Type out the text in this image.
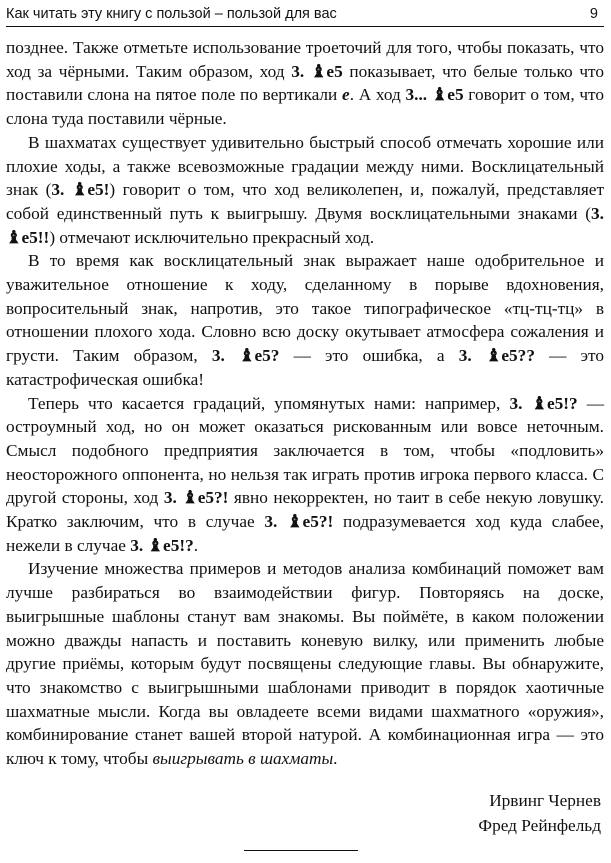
Как читать эту книгу с пользой – пользой для вас	9

позднее. Также отметьте использование троеточий для того, чтобы показать, что ход за чёрными. Таким образом, ход 3. ♝e5 показывает, что белые только что поставили слона на пятое поле по вертикали e. А ход 3... ♝e5 говорит о том, что слона туда поставили чёрные.

В шахматах существует удивительно быстрый способ отмечать хорошие или плохие ходы, а также всевозможные градации между ними. Восклицательный знак (3. ♝e5!) говорит о том, что ход великолепен, и, пожалуй, представляет собой единственный путь к выигрышу. Двумя восклицательными знаками (3. ♝e5!!) отмечают исключительно прекрасный ход.

В то время как восклицательный знак выражает наше одобрительное и уважительное отношение к ходу, сделанному в порыве вдохновения, вопросительный знак, напротив, это такое типографическое «тц-тц-тц» в отношении плохого хода. Словно всю доску окутывает атмосфера сожаления и грусти. Таким образом, 3. ♝e5? — это ошибка, а 3. ♝e5?? — это катастрофическая ошибка!

Теперь что касается градаций, упомянутых нами: например, 3. ♝e5!? — остроумный ход, но он может оказаться рискованным или вовсе неточным. Смысл подобного предприятия заключается в том, чтобы «подловить» неосторожного оппонента, но нельзя так играть против игрока первого класса. С другой стороны, ход 3. ♝e5?! явно некорректен, но таит в себе некую ловушку. Кратко заключим, что в случае 3. ♝e5?! подразумевается ход куда слабее, нежели в случае 3. ♝e5!?.

Изучение множества примеров и методов анализа комбинаций поможет вам лучше разбираться во взаимодействии фигур. Повторяясь на доске, выигрышные шаблоны станут вам знакомы. Вы поймёте, в каком положении можно дважды напасть и поставить коневую вилку, или применить любые другие приёмы, которым будут посвящены следующие главы. Вы обнаружите, что знакомство с выигрышными шаблонами приводит в порядок хаотичные шахматные мысли. Когда вы овладеете всеми видами шахматного «оружия», комбинирование станет вашей второй натурой. А комбинационная игра — это ключ к тому, чтобы выигрывать в шахматы.

Ирвинг Чернев
Фред Рейнфельд
